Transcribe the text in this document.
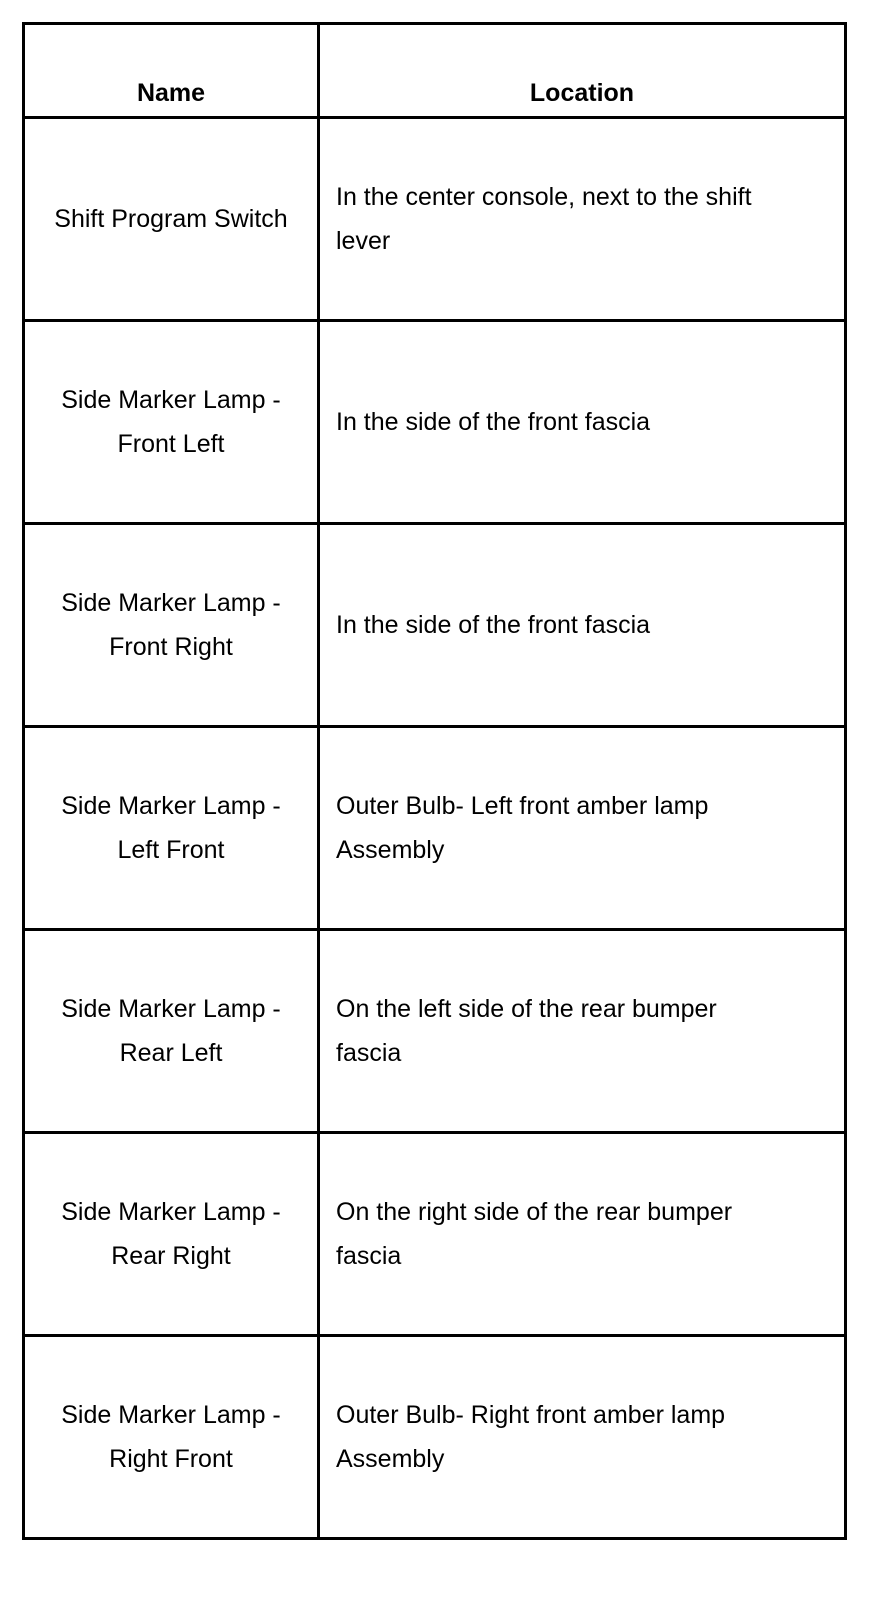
Name	Location
Shift Program Switch	In the center console, next to the shift lever
Side Marker Lamp - Front Left	In the side of the front fascia
Side Marker Lamp - Front Right	In the side of the front fascia
Side Marker Lamp - Left Front	Outer Bulb- Left front amber lamp Assembly
Side Marker Lamp - Rear Left	On the left side of the rear bumper fascia
Side Marker Lamp - Rear Right	On the right side of the rear bumper fascia
Side Marker Lamp - Right Front	Outer Bulb- Right front amber lamp Assembly
